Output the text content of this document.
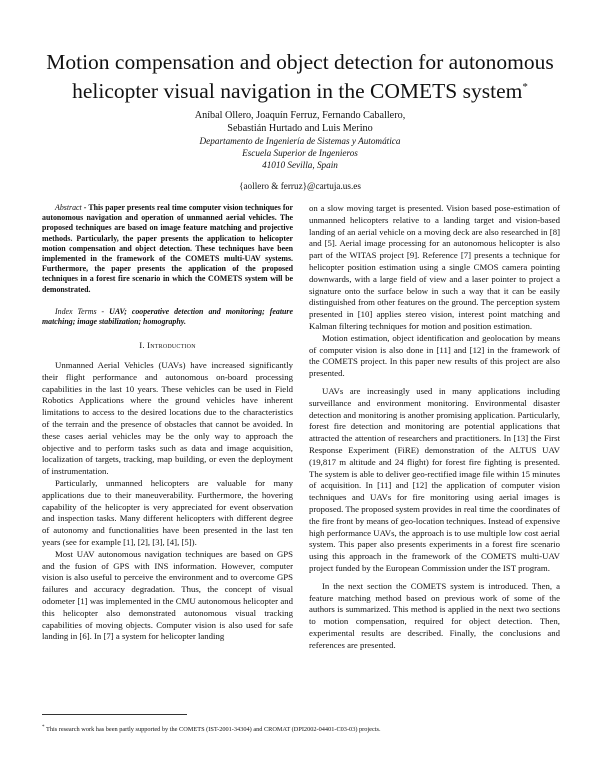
Motion compensation and object detection for autonomous helicopter visual navigation in the COMETS system*
Aníbal Ollero, Joaquín Ferruz, Fernando Caballero,
Sebastián Hurtado and Luis Merino
Departamento de Ingeniería de Sistemas y Automática
Escuela Superior de Ingenieros
41010 Sevilla, Spain
{aollero & ferruz}@cartuja.us.es

Abstract - This paper presents real time computer vision techniques for autonomous navigation and operation of unmanned aerial vehicles. The proposed techniques are based on image feature matching and projective methods. Particularly, the paper presents the application to helicopter motion compensation and object detection. These techniques have been implemented in the framework of the COMETS multi-UAV systems. Furthermore, the paper presents the application of the proposed techniques in a forest fire scenario in which the COMETS system will be demonstrated.

Index Terms - UAV; cooperative detection and monitoring; feature matching; image stabilization; homography.

I. Introduction

Unmanned Aerial Vehicles (UAVs) have increased significantly their flight performance and autonomous on-board processing capabilities in the last 10 years. These vehicles can be used in Field Robotics Applications where the ground vehicles have inherent limitations to access to the desired locations due to the characteristics of the terrain and the presence of obstacles that cannot be avoided. In these cases aerial vehicles may be the only way to approach the objective and to perform tasks such as data and image acquisition, localization of targets, tracking, map building, or even the deployment of instrumentation.

Particularly, unmanned helicopters are valuable for many applications due to their maneuverability. Furthermore, the hovering capability of the helicopter is very appreciated for event observation and inspection tasks. Many different helicopters with different degree of autonomy and functionalities have been presented in the last ten years (see for example [1], [2], [3], [4], [5]).

Most UAV autonomous navigation techniques are based on GPS and the fusion of GPS with INS information. However, computer vision is also useful to perceive the environment and to overcome GPS failures and accuracy degradation. Thus, the concept of visual odometer [1] was implemented in the CMU autonomous helicopter and this helicopter also demonstrated autonomous visual tracking capabilities of moving objects. Computer vision is also used for safe landing in [6]. In [7] a system for helicopter landing

on a slow moving target is presented. Vision based pose-estimation of unmanned helicopters relative to a landing target and vision-based landing of an aerial vehicle on a moving deck are also researched in [8] and [5]. Aerial image processing for an autonomous helicopter is also part of the WITAS project [9]. Reference [7] presents a technique for helicopter position estimation using a single CMOS camera pointing downwards, with a large field of view and a laser pointer to project a signature onto the surface below in such a way that it can be easily distinguished from other features on the ground. The perception system presented in [10] applies stereo vision, interest point matching and Kalman filtering techniques for motion and position estimation.

Motion estimation, object identification and geolocation by means of computer vision is also done in [11] and [12] in the framework of the COMETS project. In this paper new results of this project are also presented.

UAVs are increasingly used in many applications including surveillance and environment monitoring. Environmental disaster detection and monitoring is another promising application. Particularly, forest fire detection and monitoring are potential applications that attracted the attention of researchers and practitioners. In [13] the First Response Experiment (FiRE) demonstration of the ALTUS UAV (19,817 m altitude and 24 flight) for forest fire fighting is presented. The system is able to deliver geo-rectified image file within 15 minutes of acquisition. In [11] and [12] the application of computer vision techniques and UAVs for fire monitoring using aerial images is proposed. The proposed system provides in real time the coordinates of the fire front by means of geo-location techniques. Instead of expensive high performance UAVs, the approach is to use multiple low cost aerial system. This paper also presents experiments in a forest fire scenario using this approach in the framework of the COMETS multi-UAV project funded by the European Commission under the IST program.

In the next section the COMETS system is introduced. Then, a feature matching method based on previous work of some of the authors is summarized. This method is applied in the next two sections to motion compensation, required for object detection. Then, experimental results are described. Finally, the conclusions and references are presented.

* This research work has been partly supported by the COMETS (IST-2001-34304) and CROMAT (DPI2002-04401-C03-03) projects.
